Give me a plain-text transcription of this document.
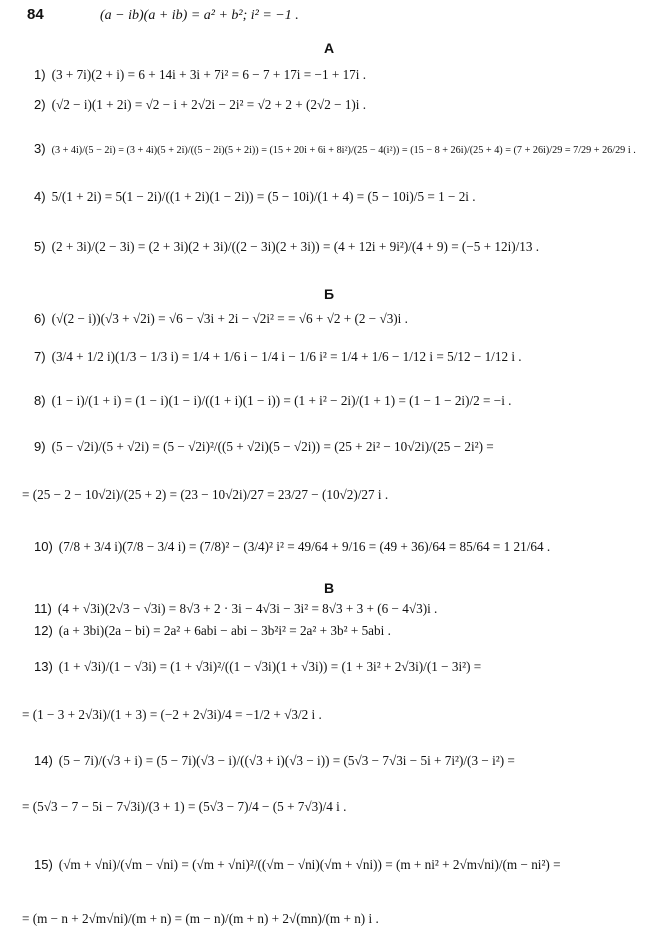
84	(a − ib)(a + ib) = a² + b²; i² = −1 .
А
1) (3 + 7i)(2 + i) = 6 + 14i + 3i + 7i² = 6 − 7 + 17i = −1 + 17i .
2) (√2 − i)(1 + 2i) = √2 − i + 2√2i − 2i² = √2 + 2 + (2√2 − 1)i .
3) (3 + 4i)/(5 − 2i) = (3 + 4i)(5 + 2i)/((5 − 2i)(5 + 2i)) = (15 + 20i + 6i + 8i²)/(25 − 4(i²)) = (15 − 8 + 26i)/(25 + 4) = (7 + 26i)/29 = 7/29 + 26/29 i .
4) 5/(1 + 2i) = 5(1 − 2i)/((1 + 2i)(1 − 2i)) = (5 − 10i)/(1 + 4) = (5 − 10i)/5 = 1 − 2i .
5) (2 + 3i)/(2 − 3i) = (2 + 3i)(2 + 3i)/((2 − 3i)(2 + 3i)) = (4 + 12i + 9i²)/(4 + 9) = (−5 + 12i)/13 .
Б
6) (√(2 − i))(√3 + √2i) = √6 − √3i + 2i − √2i² = = √6 + √2 + (2 − √3)i .
7) (3/4 + 1/2 i)(1/3 − 1/3 i) = 1/4 + 1/6 i − 1/4 i − 1/6 i² = 1/4 + 1/6 − 1/12 i = 5/12 − 1/12 i .
8) (1 − i)/(1 + i) = (1 − i)(1 − i)/((1 + i)(1 − i)) = (1 + i² − 2i)/(1 + 1) = (1 − 1 − 2i)/2 = −i .
9) (5 − √2i)/(5 + √2i) = (5 − √2i)²/((5 + √2i)(5 − √2i)) = (25 + 2i² − 10√2i)/(25 − 2i²) =
= (25 − 2 − 10√2i)/(25 + 2) = (23 − 10√2i)/27 = 23/27 − (10√2)/27 i .
10) (7/8 + 3/4 i)(7/8 − 3/4 i) = (7/8)² − (3/4)² i² = 49/64 + 9/16 = (49 + 36)/64 = 85/64 = 1 21/64 .
В
11) (4 + √3i)(2√3 − √3i) = 8√3 + 2 · 3i − 4√3i − 3i² = 8√3 + 3 + (6 − 4√3)i .
12) (a + 3bi)(2a − bi) = 2a² + 6abi − abi − 3b²i² = 2a² + 3b² + 5abi .
13) (1 + √3i)/(1 − √3i) = (1 + √3i)²/((1 − √3i)(1 + √3i)) = (1 + 3i² + 2√3i)/(1 − 3i²) =
= (1 − 3 + 2√3i)/(1 + 3) = (−2 + 2√3i)/4 = −1/2 + √3/2 i .
14) (5 − 7i)/(√3 + i) = (5 − 7i)(√3 − i)/((√3 + i)(√3 − i)) = (5√3 − 7√3i − 5i + 7i²)/(3 − i²) =
= (5√3 − 7 − 5i − 7√3i)/(3 + 1) = (5√3 − 7)/4 − (5 + 7√3)/4 i .
15) (√m + √ni)/(√m − √ni) = (√m + √ni)²/((√m − √ni)(√m + √ni)) = (m + ni² + 2√m√ni)/(m − ni²) =
= (m − n + 2√m√ni)/(m + n) = (m − n)/(m + n) + 2√(mn)/(m + n) i .
